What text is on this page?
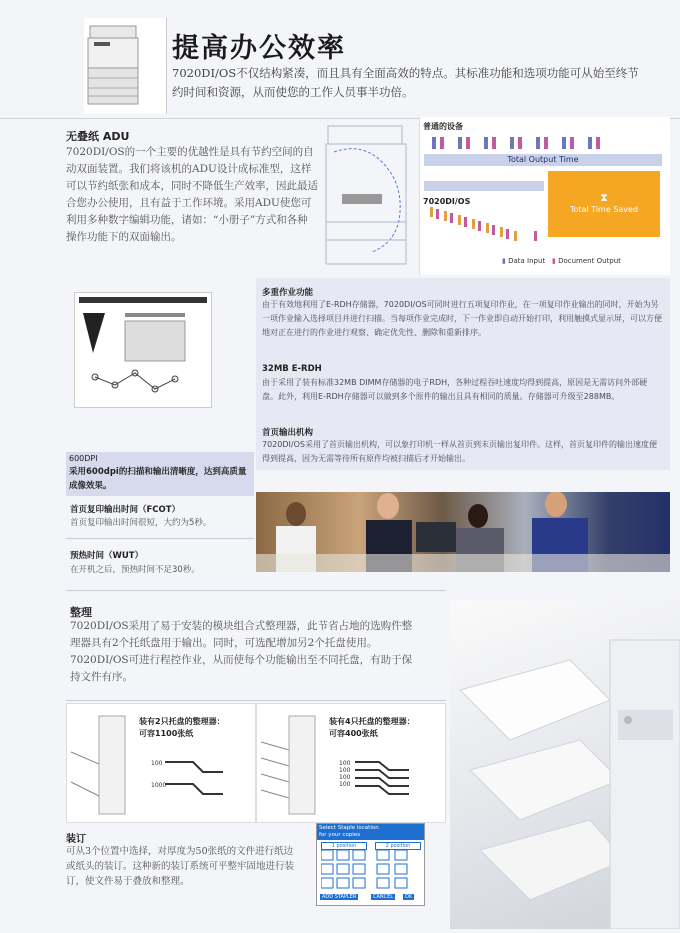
提高办公效率
7020DI/OS不仅结构紧凑，而且具有全面高效的特点。其标准功能和选项功能可从始至终节约时间和资源，从而使您的工作人员事半功倍。
无叠纸 ADU
7020DI/OS的一个主要的优越性是具有节约空间的自动双面装置。我们将该机的ADU设计成标准型，这样可以节约纸张和成本，同时不降低生产效率，因此最适合您办公使用，且有益于工作环境。采用ADU使您可利用多种数字编辑功能，诸如：“小册子”方式和各种操作功能下的双面输出。
普通的设备
Total Output Time
7020DI/OS	⧗
Total Time Saved
▮ Data Input ▮ Document Output
多重作业功能
由于有效地利用了E-RDH存储器，7020DI/OS可同时进行五项复印作业，在一项复印作业输出的同时，开始为另一项作业输入选择项目并进行扫描。当每项作业完成时，下一作业即自动开始打印，利用触摸式显示屏，可以方便地对正在进行的作业进行观察、确定优先性、删除和重新排序。
32MB E-RDH
由于采用了装有标准32MB DIMM存储器的电子RDH，各种过程吞吐速度均得到提高，原因是无需访问外部硬盘。此外，利用E-RDH存储器可以做到多个原件的输出且具有相同的质量。存储器可升级至288MB。
首页输出机构
7020DI/OS采用了首页输出机构，可以象打印机一样从首页到末页输出复印件。这样，首页复印件的输出速度便得到提高，因为无需等待所有原件均被扫描后才开始输出。
600DPI
采用600dpi的扫描和输出清晰度，达到高质量成像效果。
首页复印输出时间（FCOT）
首页复印输出时间很短，大约为5秒。
预热时间（WUT）
在开机之后，预热时间不足30秒。
整理
7020DI/OS采用了易于安装的模块组合式整理器，此节省占地的选购件整理器具有2个托纸盘用于输出。同时，可选配增加另2个托盘使用。7020DI/OS可进行程控作业，从而使每个功能输出至不同托盘，有助于保持文件有序。
装有2只托盘的整理器：
可容1100张纸
100
1000
装有4只托盘的整理器：
可容400张纸
100
100
100
100
装订
可从3个位置中选择，对厚度为50张纸的文件进行纸边或纸头的装订。这种新的装订系统可平整牢固地进行装订，使文件易于叠放和整理。
Select Staple location
for your copies
1 position	2 position
ADD STAPLER	CANCEL	OK
